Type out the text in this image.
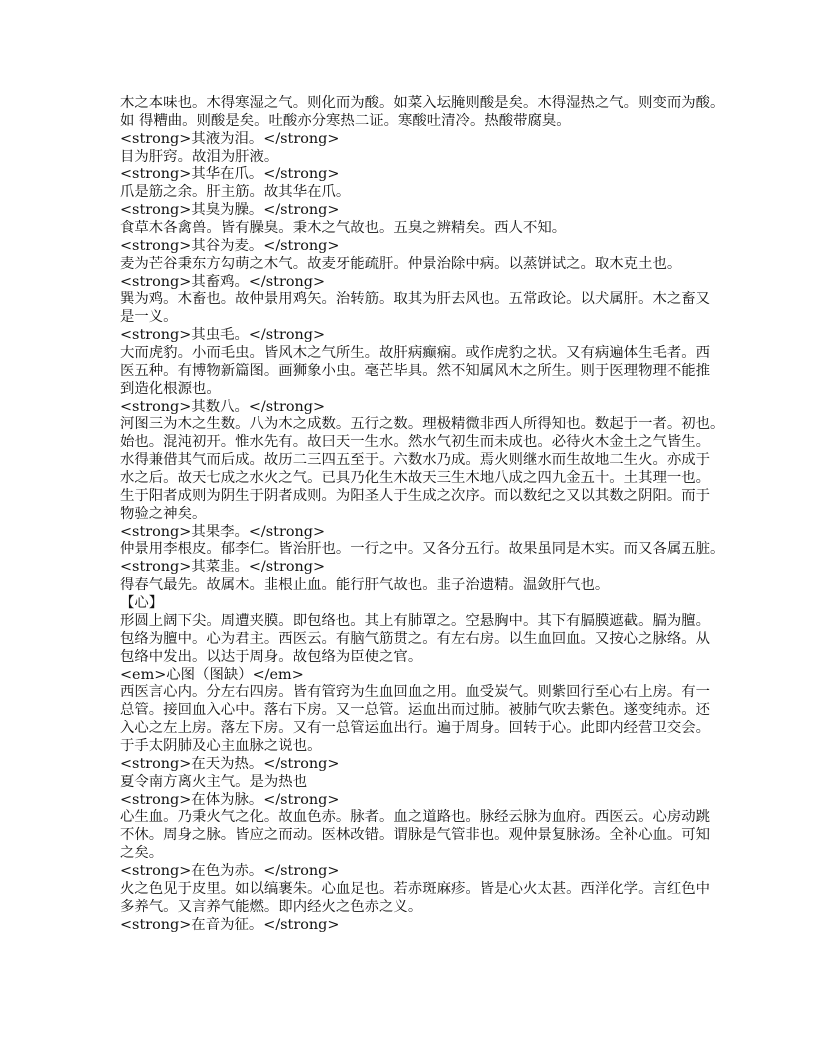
木之本味也。木得寒湿之气。则化而为酸。如菜入坛腌则酸是矣。木得湿热之气。则变而为酸。
如 得糟曲。则酸是矣。吐酸亦分寒热二证。寒酸吐清冷。热酸带腐臭。
<strong>其液为泪。</strong>
目为肝窍。故泪为肝液。
<strong>其华在爪。</strong>
爪是筋之余。肝主筋。故其华在爪。
<strong>其臭为臊。</strong>
食草木各禽兽。皆有臊臭。秉木之气故也。五臭之辨精矣。西人不知。
<strong>其谷为麦。</strong>
麦为芒谷秉东方勾萌之木气。故麦牙能疏肝。仲景治除中病。以蒸饼试之。取木克土也。
<strong>其畜鸡。</strong>
巽为鸡。木畜也。故仲景用鸡矢。治转筋。取其为肝去风也。五常政论。以犬属肝。木之畜又
是一义。
<strong>其虫毛。</strong>
大而虎豹。小而毛虫。皆风木之气所生。故肝病癫痫。或作虎豹之状。又有病遍体生毛者。西
医五种。有博物新篇图。画狮象小虫。毫芒毕具。然不知属风木之所生。则于医理物理不能推
到造化根源也。
<strong>其数八。</strong>
河图三为木之生数。八为木之成数。五行之数。理极精微非西人所得知也。数起于一者。初也。
始也。混沌初开。惟水先有。故曰天一生水。然水气初生而未成也。必待火木金土之气皆生。
水得兼借其气而后成。故历二三四五至于。六数水乃成。焉火则继水而生故地二生火。亦成于
水之后。故天七成之水火之气。已具乃化生木故天三生木地八成之四九金五十。土其理一也。
生于阳者成则为阴生于阴者成则。为阳圣人于生成之次序。而以数纪之又以其数之阴阳。而于
物验之神矣。
<strong>其果李。</strong>
仲景用李根皮。郁李仁。皆治肝也。一行之中。又各分五行。故果虽同是木实。而又各属五脏。
<strong>其菜韭。</strong>
得春气最先。故属木。韭根止血。能行肝气故也。韭子治遗精。温敛肝气也。
【心】
形圆上阔下尖。周遭夹膜。即包络也。其上有肺罩之。空悬胸中。其下有膈膜遮截。膈为膻。
包络为膻中。心为君主。西医云。有脑气筋贯之。有左右房。以生血回血。又按心之脉络。从
包络中发出。以达于周身。故包络为臣使之官。
<em>心图（图缺）</em>
西医言心内。分左右四房。皆有管窍为生血回血之用。血受炭气。则紫回行至心右上房。有一
总管。接回血入心中。落右下房。又一总管。运血出而过肺。被肺气吹去紫色。遂变纯赤。还
入心之左上房。落左下房。又有一总管运血出行。遍于周身。回转于心。此即内经营卫交会。
于手太阴肺及心主血脉之说也。
<strong>在天为热。</strong>
夏令南方离火主气。是为热也
<strong>在体为脉。</strong>
心生血。乃秉火气之化。故血色赤。脉者。血之道路也。脉经云脉为血府。西医云。心房动跳
不休。周身之脉。皆应之而动。医林改错。谓脉是气管非也。观仲景复脉汤。全补心血。可知
之矣。
<strong>在色为赤。</strong>
火之色见于皮里。如以缟裹朱。心血足也。若赤斑麻疹。皆是心火太甚。西洋化学。言红色中
多养气。又言养气能燃。即内经火之色赤之义。
<strong>在音为征。</strong>
